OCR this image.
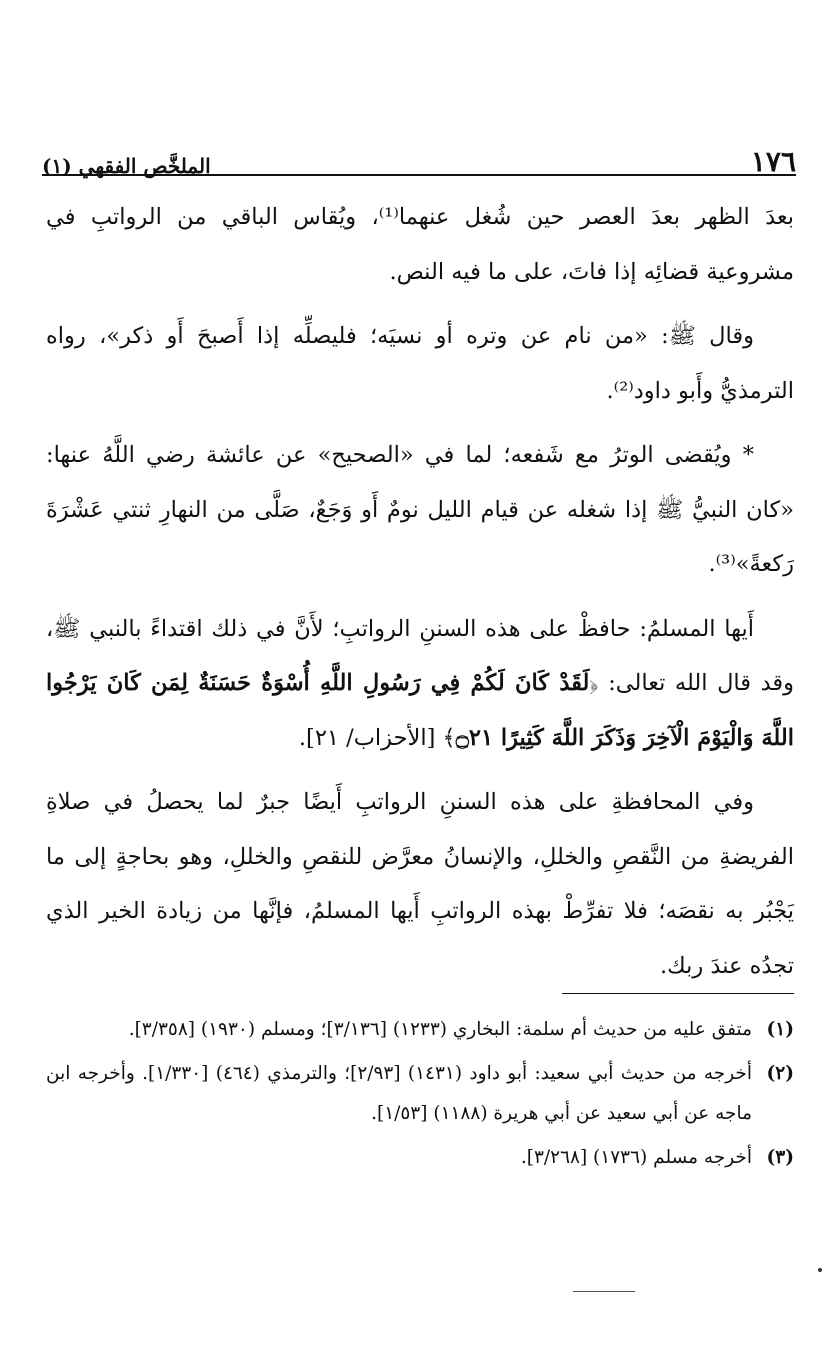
١٧٦
الملخَّص الفقهي (١)

بعدَ الظهر بعدَ العصر حين شُغل عنهما⁽¹⁾، ويُقاس الباقي من الرواتبِ في مشروعية قضائِه إذا فاتَ، على ما فيه النص.

وقال ﷺ: «من نام عن وتره أو نسيَه؛ فليصلِّه إذا أَصبحَ أَو ذكر»، رواه الترمذيُّ وأَبو داود⁽²⁾.

* ويُقضى الوترُ مع شَفعه؛ لما في «الصحيح» عن عائشة رضي اللَّهُ عنها: «كان النبيُّ ﷺ إذا شغله عن قيام الليل نومٌ أَو وَجَعٌ، صَلَّى من النهارِ ثنتي عَشْرَةَ رَكعةً»⁽³⁾.

أَيها المسلمُ: حافظْ على هذه السننِ الرواتبِ؛ لأَنَّ في ذلك اقتداءً بالنبي ﷺ، وقد قال الله تعالى: ﴿لَقَدْ كَانَ لَكُمْ فِي رَسُولِ اللَّهِ أُسْوَةٌ حَسَنَةٌ لِمَن كَانَ يَرْجُوا اللَّهَ وَالْيَوْمَ الْآخِرَ وَذَكَرَ اللَّهَ كَثِيرًا ۝٢١﴾ [الأحزاب/ ٢١].

وفي المحافظةِ على هذه السننِ الرواتبِ أَيضًا جبرٌ لما يحصلُ في صلاةِ الفريضةِ من النَّقصِ والخللِ، والإنسانُ معرَّض للنقصِ والخللِ، وهو بحاجةٍ إلى ما يَجْبُر به نقصَه؛ فلا تفرِّطْ بهذه الرواتبِ أَيها المسلمُ، فإنَّها من زيادة الخير الذي تجدُه عندَ ربك.

(١)
متفق عليه من حديث أم سلمة: البخاري (١٢٣٣) [٣/١٣٦]؛ ومسلم (١٩٣٠) [٣/٣٥٨].
(٢)
أخرجه من حديث أبي سعيد: أبو داود (١٤٣١) [٢/٩٣]؛ والترمذي (٤٦٤) [١/٣٣٠]. وأخرجه ابن ماجه عن أبي سعيد عن أبي هريرة (١١٨٨) [١/٥٣].
(٣)
أخرجه مسلم (١٧٣٦) [٣/٢٦٨].
